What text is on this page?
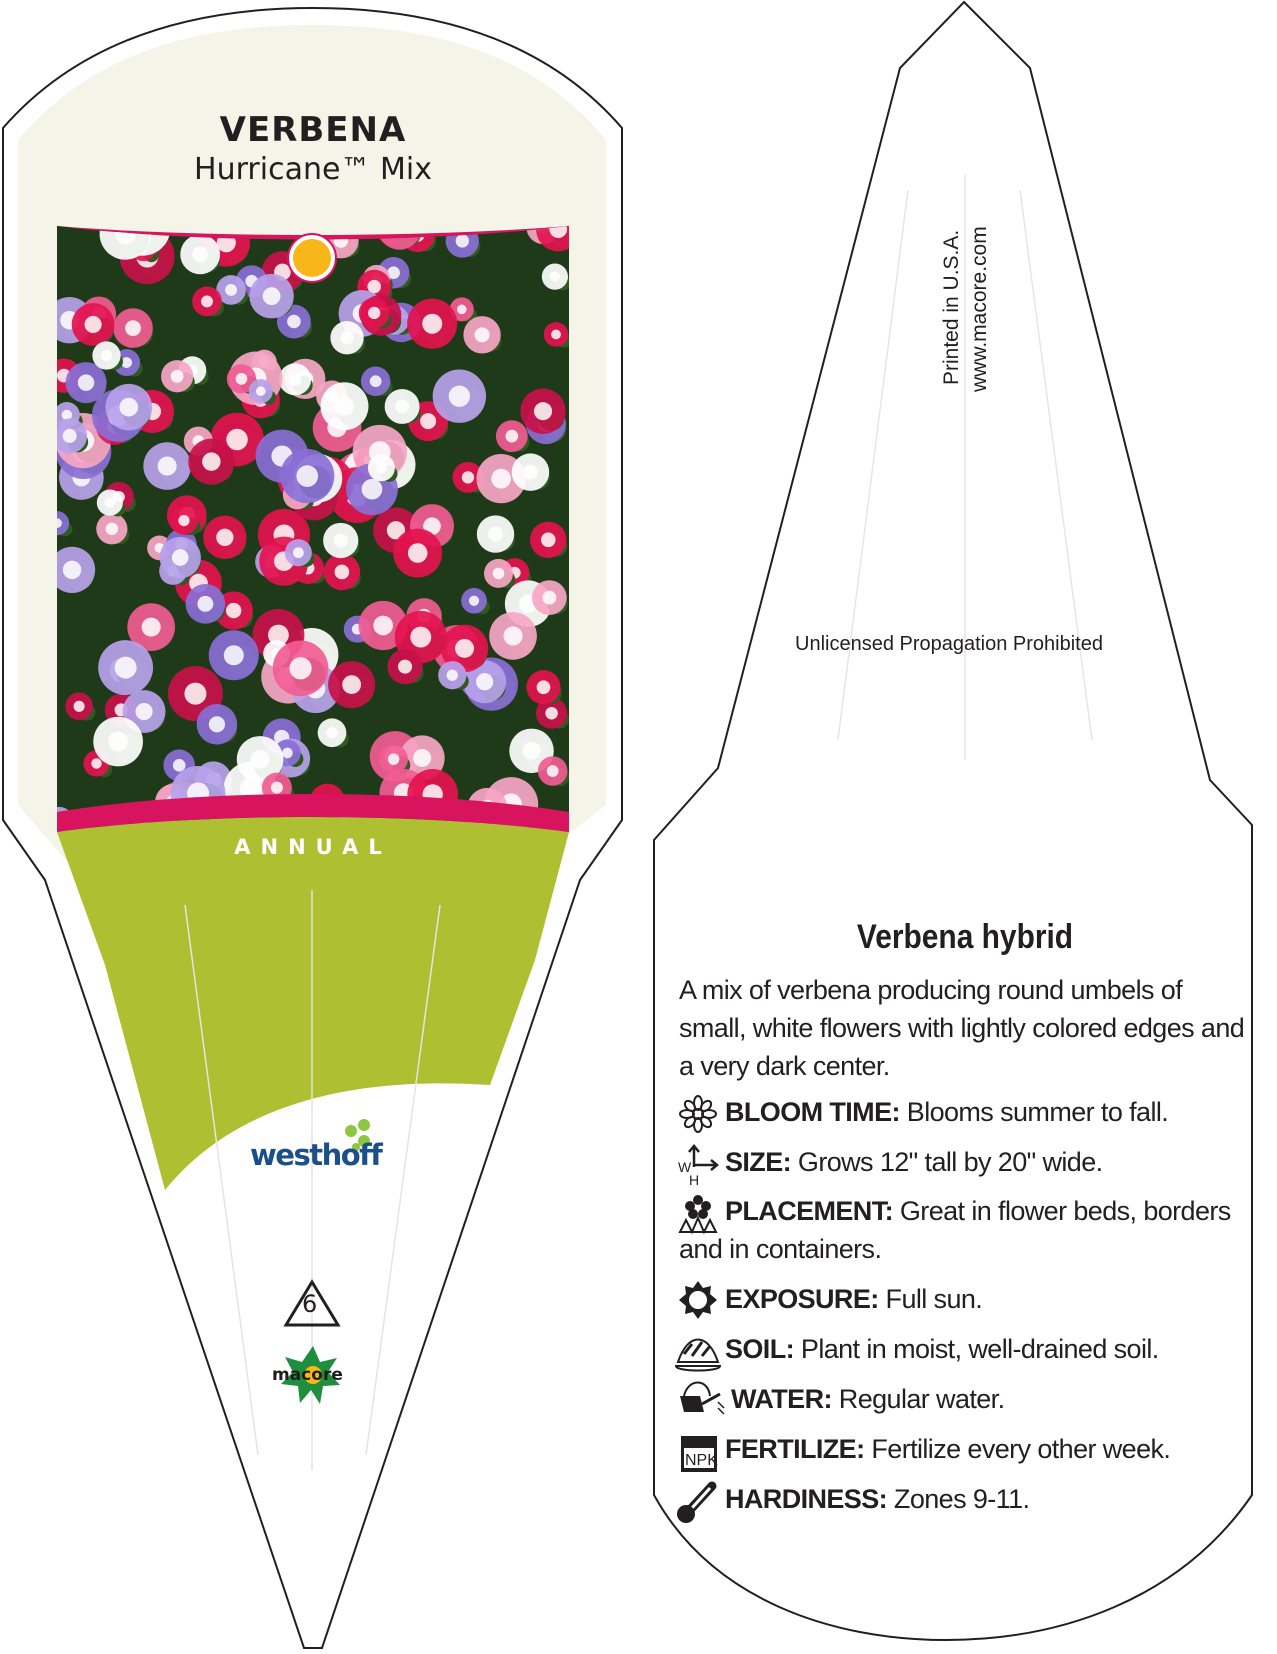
W
H
NPK
VERBENA
Hurricane™ Mix
ANNUAL
westhoff
6
macore
Printed in U.S.A. www.macore.com
Unlicensed Propagation Prohibited
Verbena hybrid
A mix of verbena producing round umbels of small, white flowers with lightly colored edges and a very dark center.
BLOOM TIME: Blooms summer to fall.
SIZE: Grows 12" tall by 20" wide.
PLACEMENT: Great in flower beds, borders and in containers.
EXPOSURE: Full sun.
SOIL: Plant in moist, well-drained soil.
WATER: Regular water.
FERTILIZE: Fertilize every other week.
HARDINESS: Zones 9-11.
